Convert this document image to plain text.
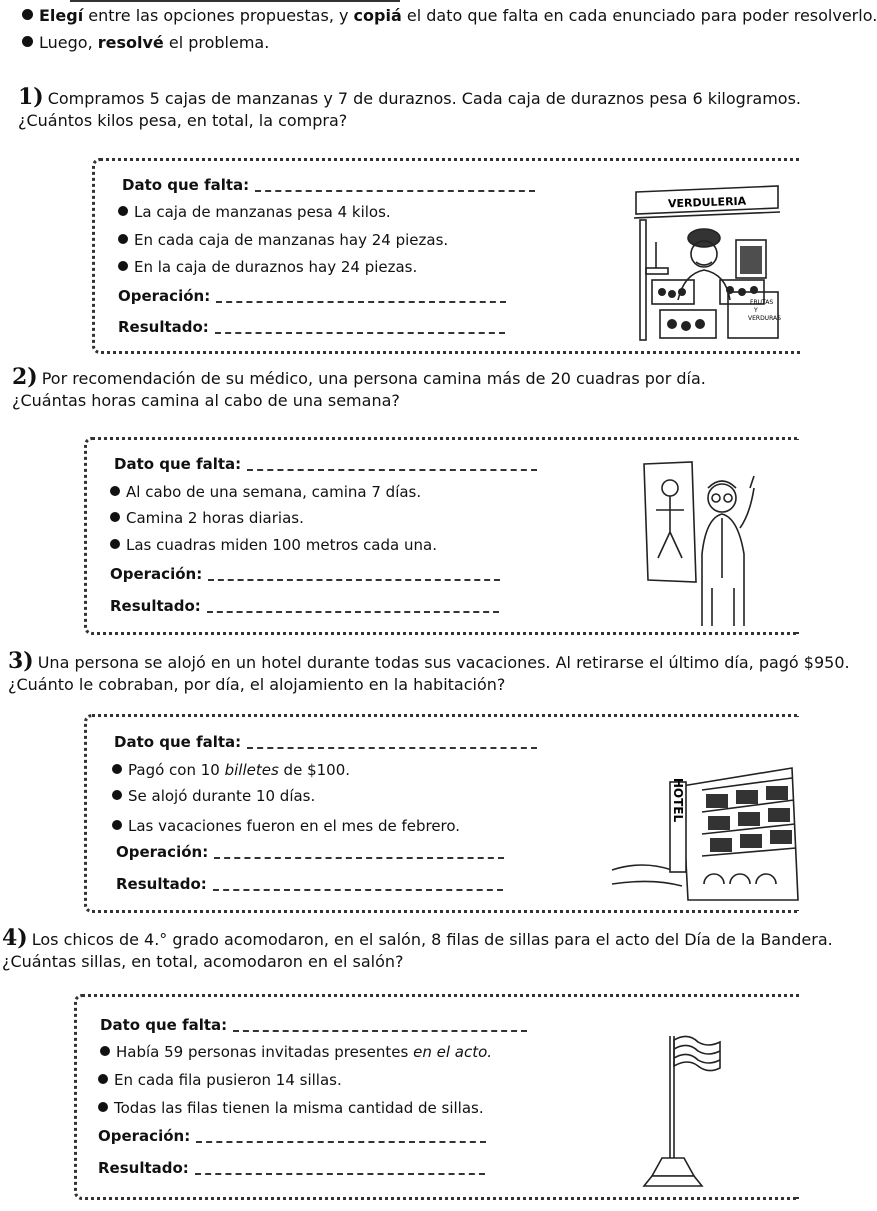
Elegí entre las opciones propuestas, y copiá el dato que falta en cada enunciado para poder resolverlo.
Luego, resolvé el problema.
1) Compramos 5 cajas de manzanas y 7 de duraznos. Cada caja de duraznos pesa 6 kilogramos.
¿Cuántos kilos pesa, en total, la compra?
Dato que falta:
La caja de manzanas pesa 4 kilos.
En cada caja de manzanas hay 24 piezas.
En la caja de duraznos hay 24 piezas.
Operación:
Resultado:
VERDULERIA
FRUTAS
Y
VERDURAS
2) Por recomendación de su médico, una persona camina más de 20 cuadras por día.
¿Cuántas horas camina al cabo de una semana?
Dato que falta:
Al cabo de una semana, camina 7 días.
Camina 2 horas diarias.
Las cuadras miden 100 metros cada una.
Operación:
Resultado:
3) Una persona se alojó en un hotel durante todas sus vacaciones. Al retirarse el último día, pagó $950.
¿Cuánto le cobraban, por día, el alojamiento en la habitación?
Dato que falta:
Pagó con 10 billetes de $100.
Se alojó durante 10 días.
Las vacaciones fueron en el mes de febrero.
Operación:
Resultado:
HOTEL
4) Los chicos de 4.° grado acomodaron, en el salón, 8 filas de sillas para el acto del Día de la Bandera.
¿Cuántas sillas, en total, acomodaron en el salón?
Dato que falta:
Había 59 personas invitadas presentes en el acto.
En cada fila pusieron 14 sillas.
Todas las filas tienen la misma cantidad de sillas.
Operación:
Resultado:
